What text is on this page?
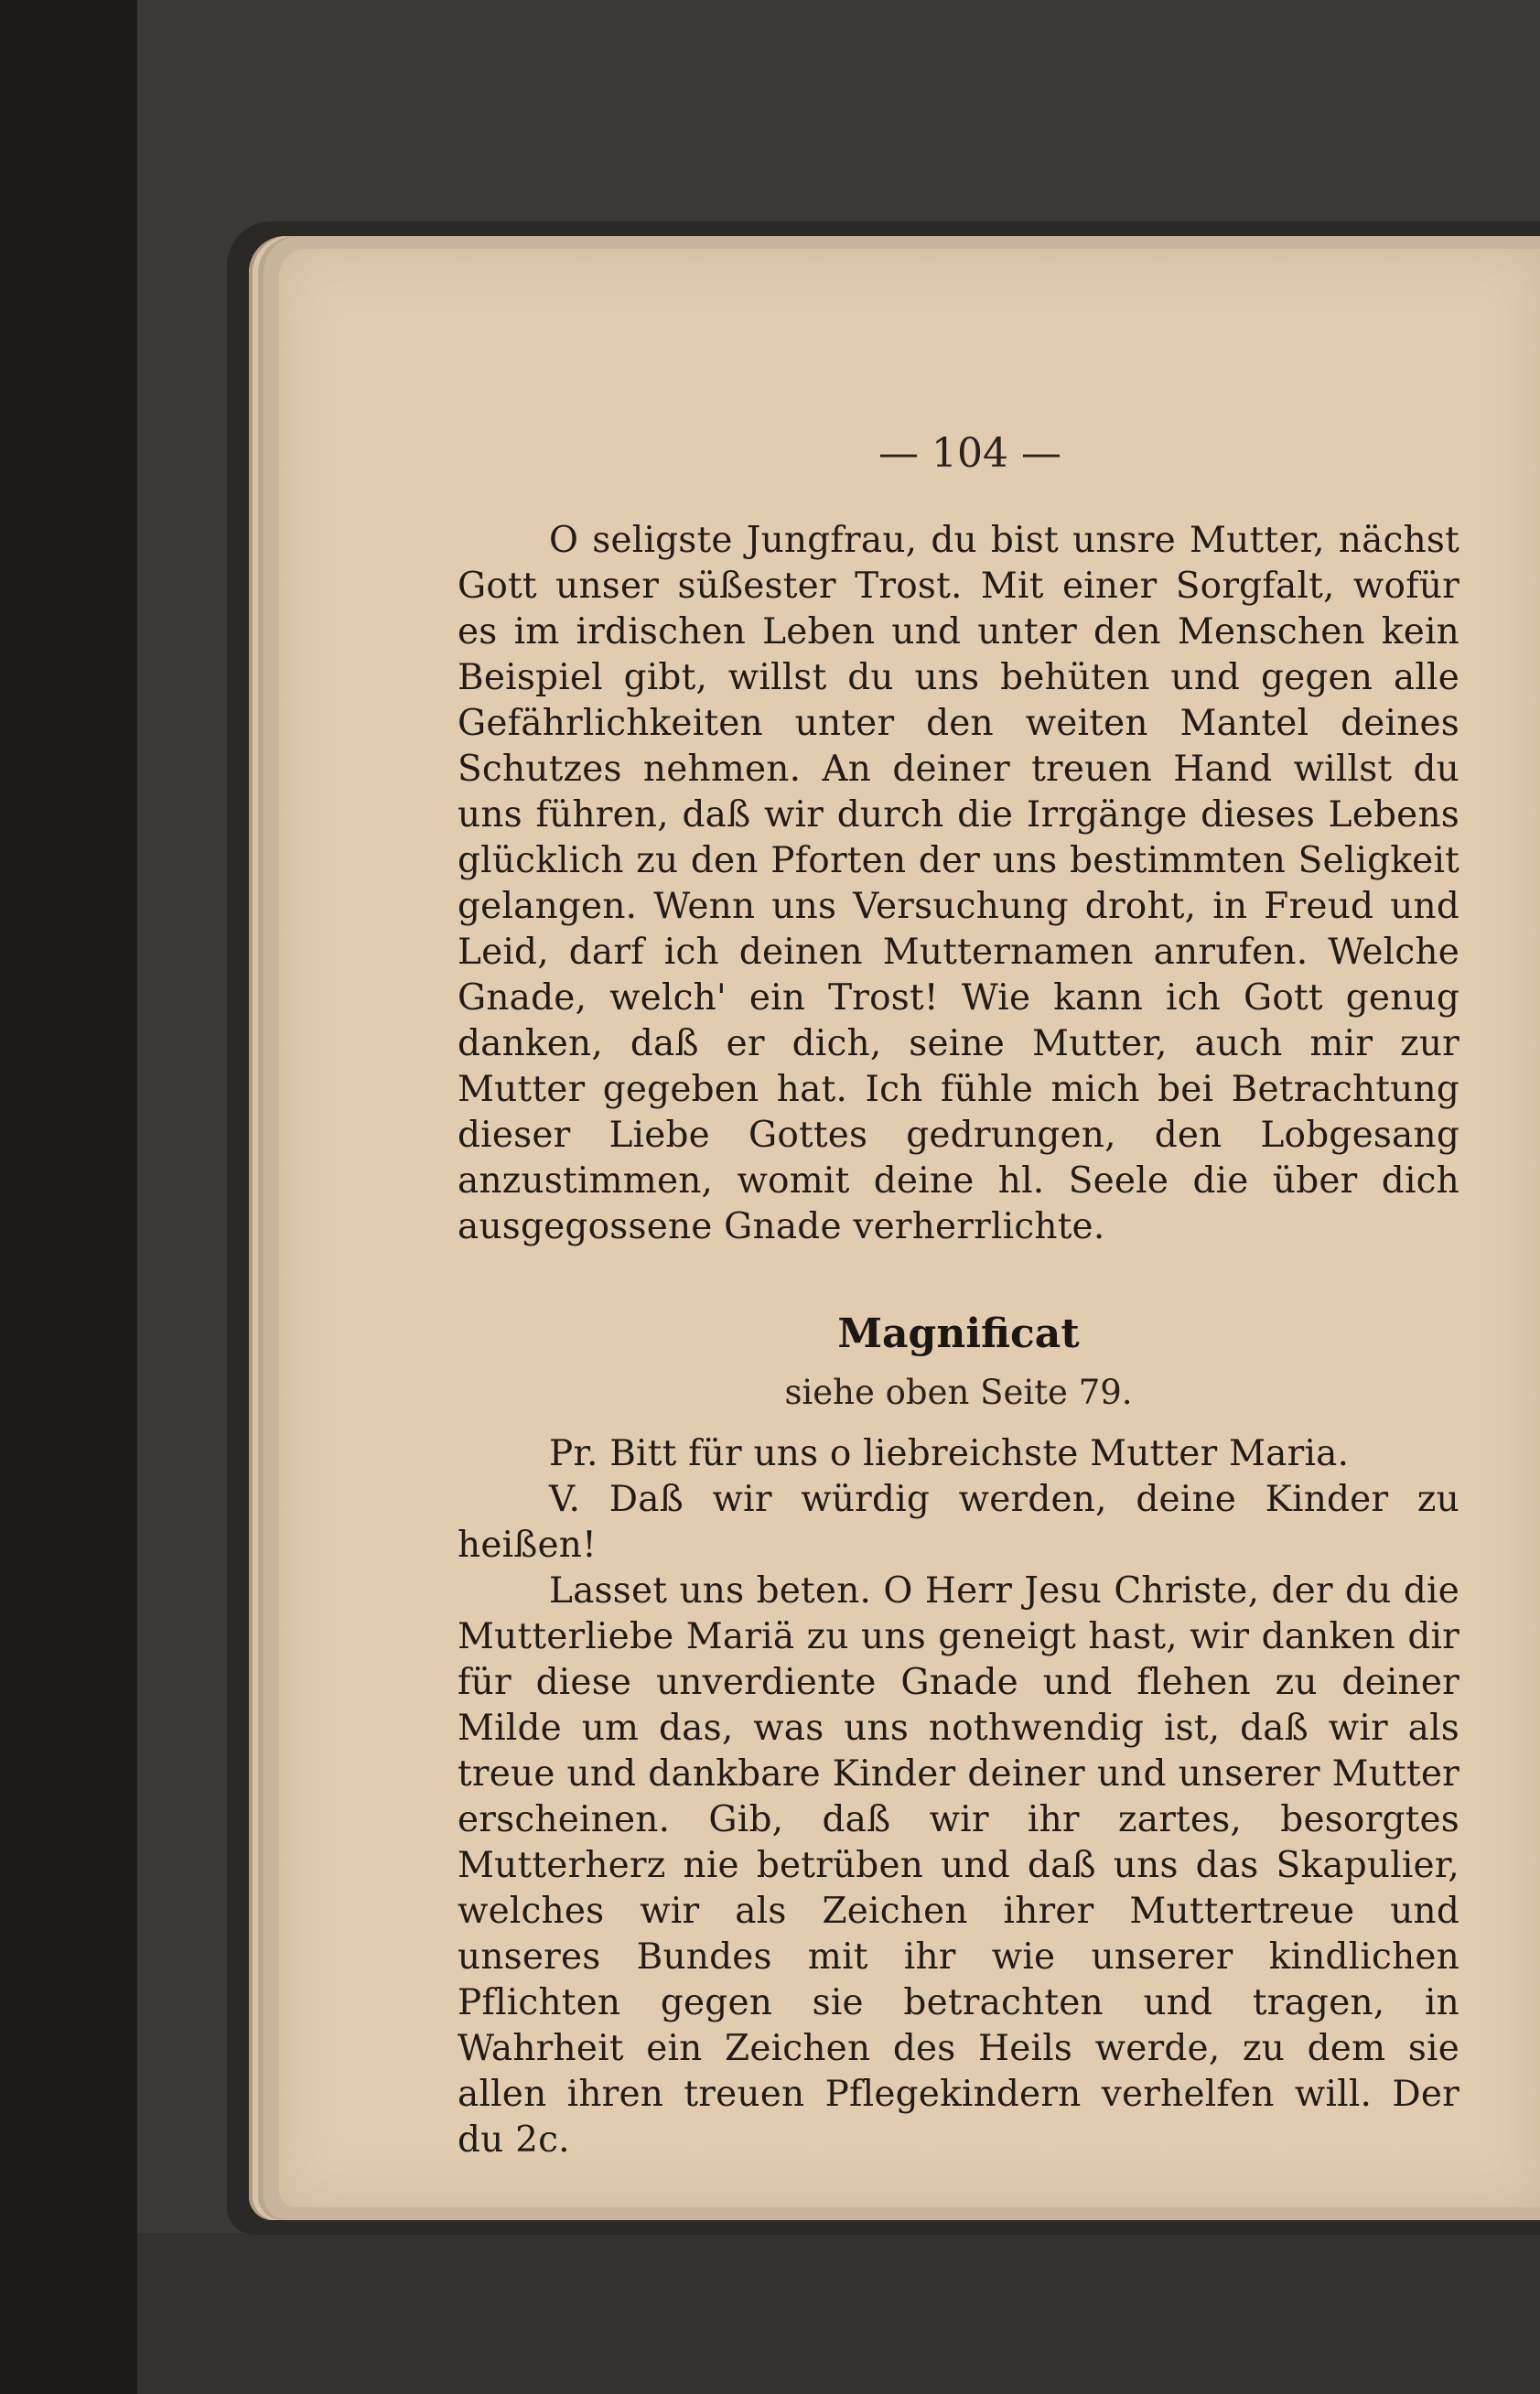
— 104 —
O seligste Jungfrau, du bist unsre Mutter, nächst Gott unser süßester Trost. Mit einer Sorgfalt, wofür es im irdischen Leben und unter den Menschen kein Beispiel gibt, willst du uns behüten und gegen alle Gefährlichkeiten unter den weiten Mantel deines Schutzes nehmen. An deiner treuen Hand willst du uns führen, daß wir durch die Irrgänge dieses Lebens glücklich zu den Pforten der uns bestimmten Seligkeit gelangen. Wenn uns Versuchung droht, in Freud und Leid, darf ich deinen Mutternamen anrufen. Welche Gnade, welch' ein Trost! Wie kann ich Gott genug danken, daß er dich, seine Mutter, auch mir zur Mutter gegeben hat. Ich fühle mich bei Betrachtung dieser Liebe Gottes gedrungen, den Lobgesang anzustimmen, womit deine hl. Seele die über dich ausgegossene Gnade verherrlichte.
Magnificat
siehe oben Seite 79.
Pr. Bitt für uns o liebreichste Mutter Maria.
V. Daß wir würdig werden, deine Kinder zu heißen!
Lasset uns beten. O Herr Jesu Christe, der du die Mutterliebe Mariä zu uns geneigt hast, wir danken dir für diese unverdiente Gnade und flehen zu deiner Milde um das, was uns nothwendig ist, daß wir als treue und dankbare Kinder deiner und unserer Mutter erscheinen. Gib, daß wir ihr zartes, besorgtes Mutterherz nie betrüben und daß uns das Skapulier, welches wir als Zeichen ihrer Muttertreue und unseres Bundes mit ihr wie unserer kindlichen Pflichten gegen sie betrachten und tragen, in Wahrheit ein Zeichen des Heils werde, zu dem sie allen ihren treuen Pflegekindern verhelfen will. Der du 2c.
